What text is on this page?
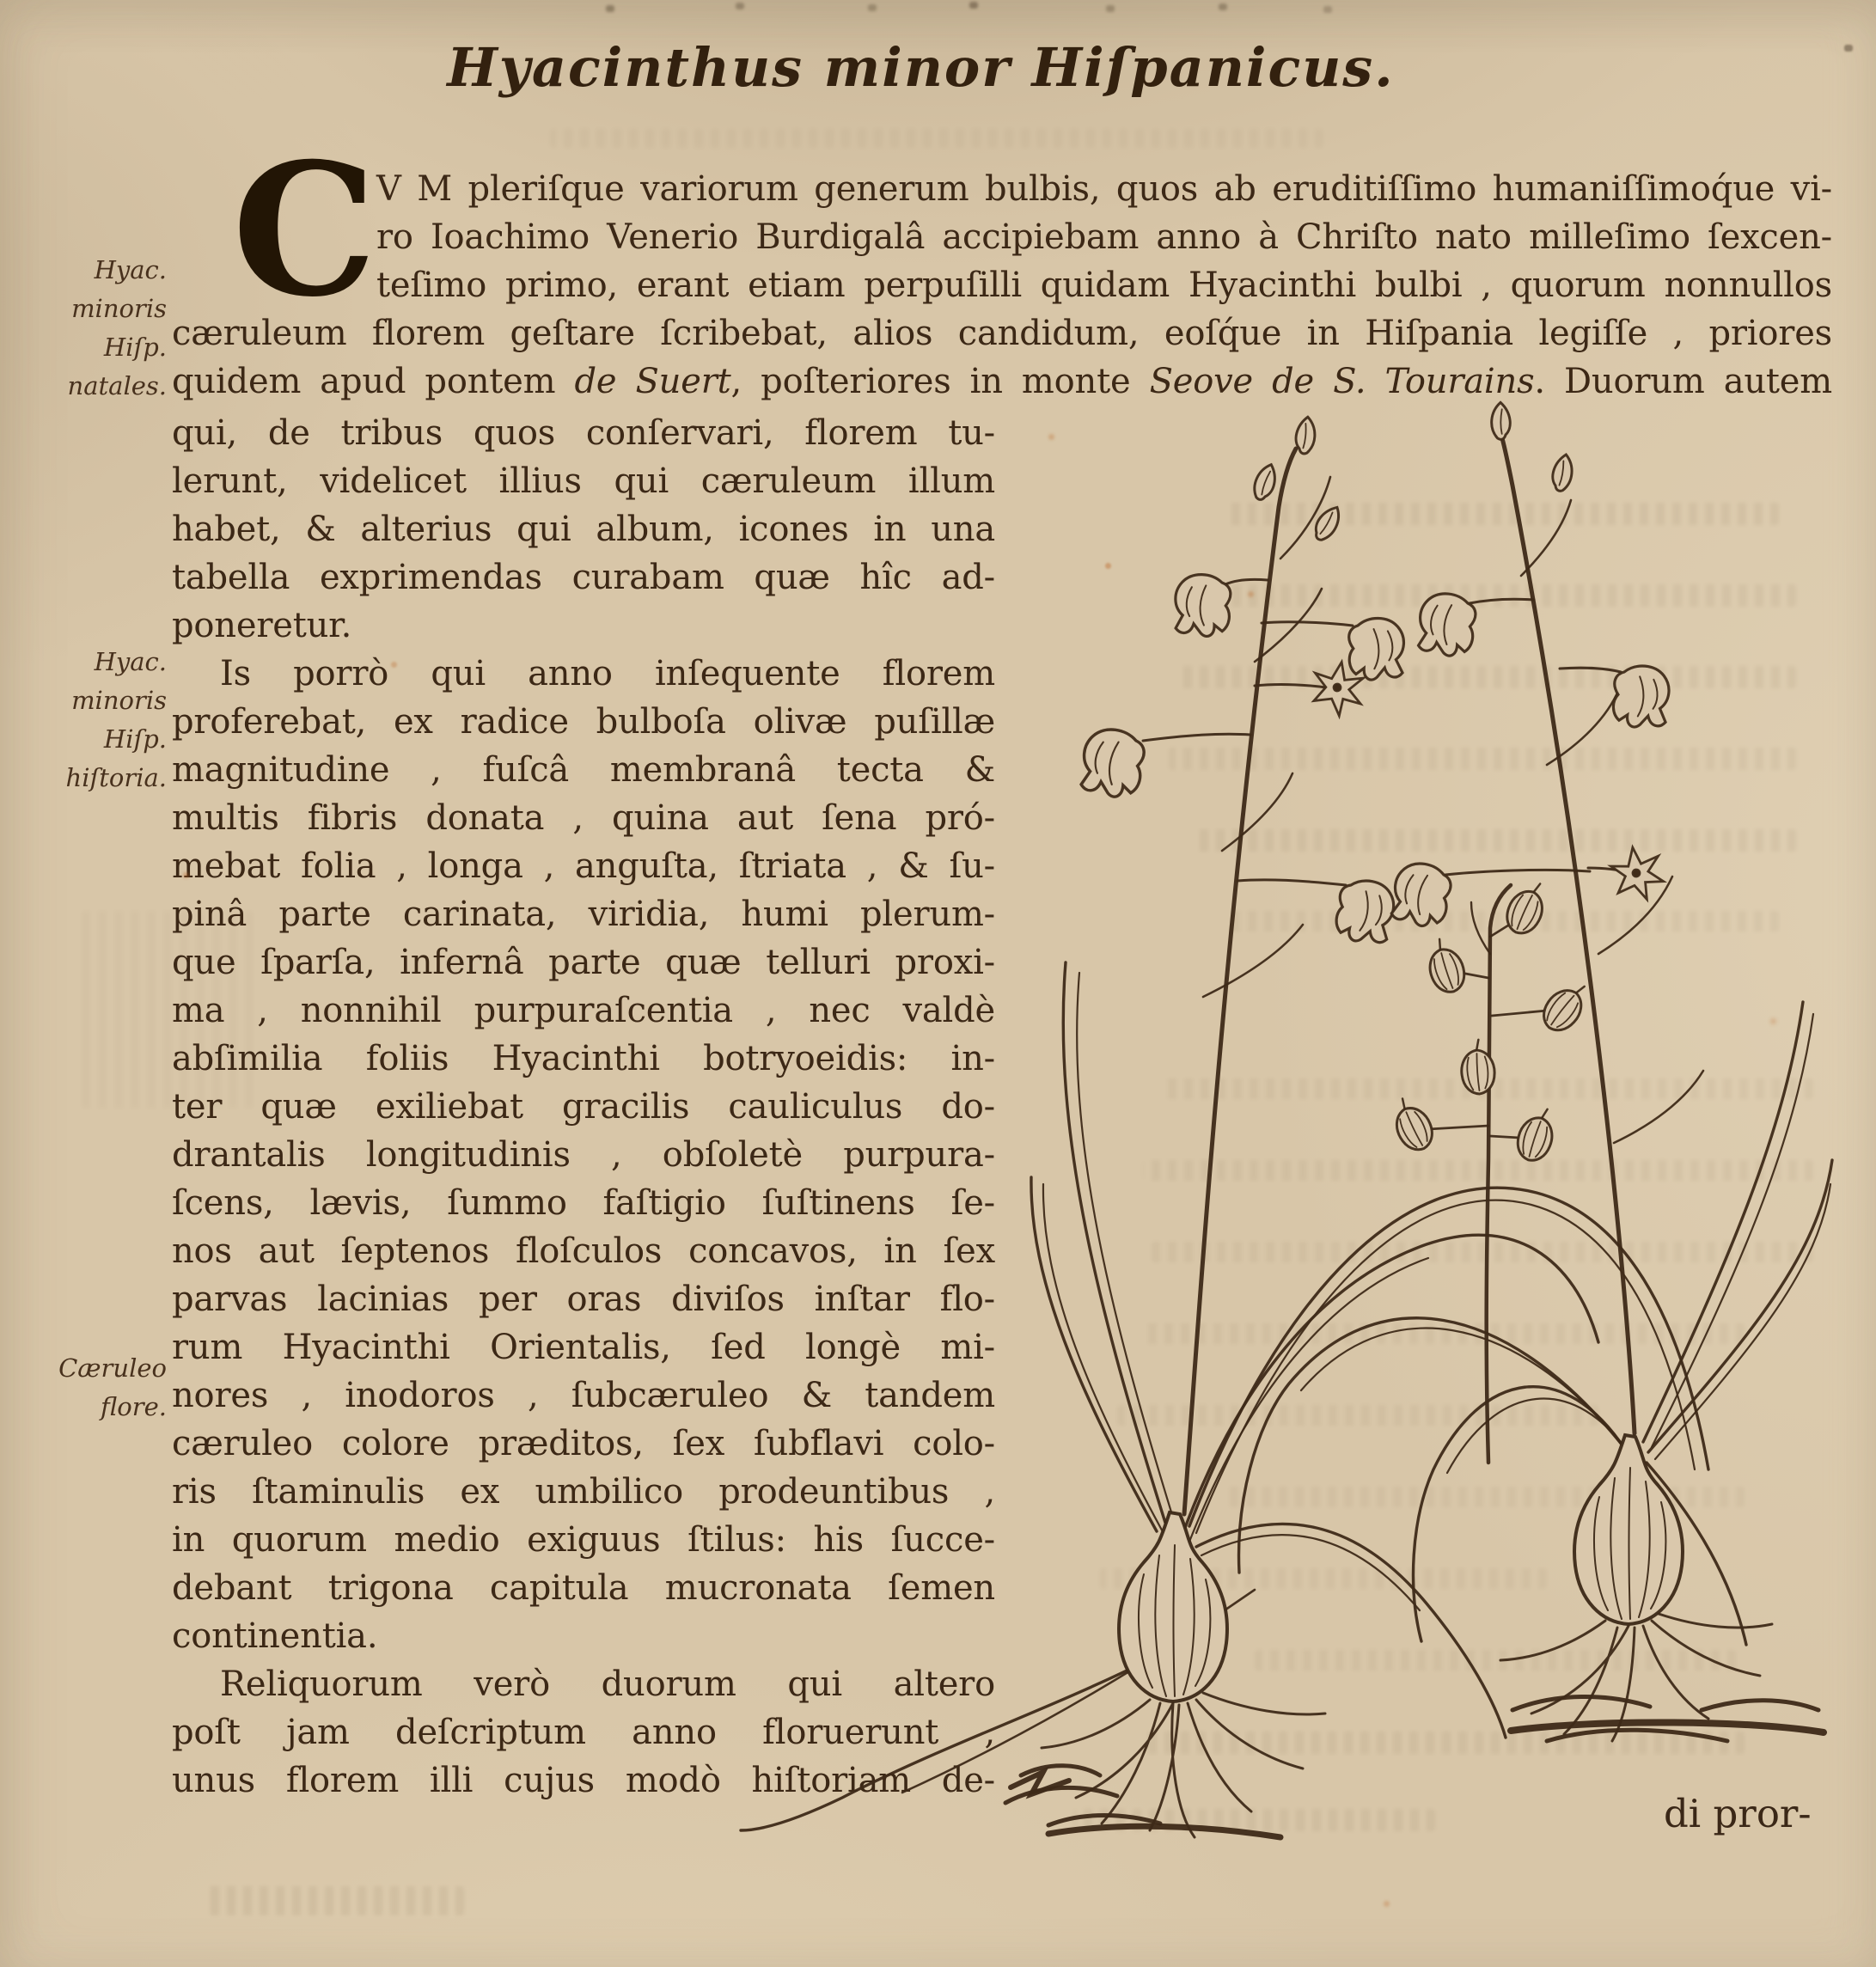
Hyacinthus minor Hiſpanicus.
C V M pleriſque variorum generum bulbis, quos ab eruditiſſimo humaniſſimoq́ue vi-
ro Ioachimo Venerio Burdigalâ accipiebam anno à Chriſto nato milleſimo ſexcen-
teſimo primo, erant etiam perpuſilli quidam Hyacinthi bulbi , quorum nonnullos
cæruleum florem geſtare ſcribebat, alios candidum, eoſq́ue in Hiſpania legiſſe , priores
quidem apud pontem de Suert, poſteriores in monte Seove de S. Tourains. Duorum autem
Hyac. minoris
Hiſp. natales.
Hyac. minoris
Hiſp. hiſtoria.
Cæruleo flore.
qui, de tribus quos conſervari, florem tu-
lerunt, videlicet illius qui cæruleum illum
habet, & alterius qui album, icones in una
tabella exprimendas curabam quæ hîc ad-
poneretur.
Is porrò qui anno inſequente florem
proferebat, ex radice bulboſa olivæ puſillæ
magnitudine , fuſcâ membranâ tecta &
multis fibris donata , quina aut ſena pró-
mebat folia , longa , anguſta, ſtriata , & ſu-
pinâ parte carinata, viridia, humi plerum-
que ſparſa, infernâ parte quæ telluri proxi-
ma , nonnihil purpuraſcentia , nec valdè
abſimilia foliis Hyacinthi botryoeidis: in-
ter quæ exiliebat gracilis cauliculus do-
drantalis longitudinis , obſoletè purpura-
ſcens, lævis, ſummo faſtigio ſuſtinens ſe-
nos aut ſeptenos floſculos concavos, in ſex
parvas lacinias per oras diviſos inſtar flo-
rum Hyacinthi Orientalis, ſed longè mi-
nores , inodoros , ſubcæruleo & tandem
cæruleo colore præditos, ſex ſubflavi colo-
ris ſtaminulis ex umbilico prodeuntibus ,
in quorum medio exiguus ſtilus: his ſucce-
debant trigona capitula mucronata ſemen
continentia.
Reliquorum verò duorum qui altero
poſt jam deſcriptum anno floruerunt ,
unus florem illi cujus modò hiſtoriam de-
di pror-
